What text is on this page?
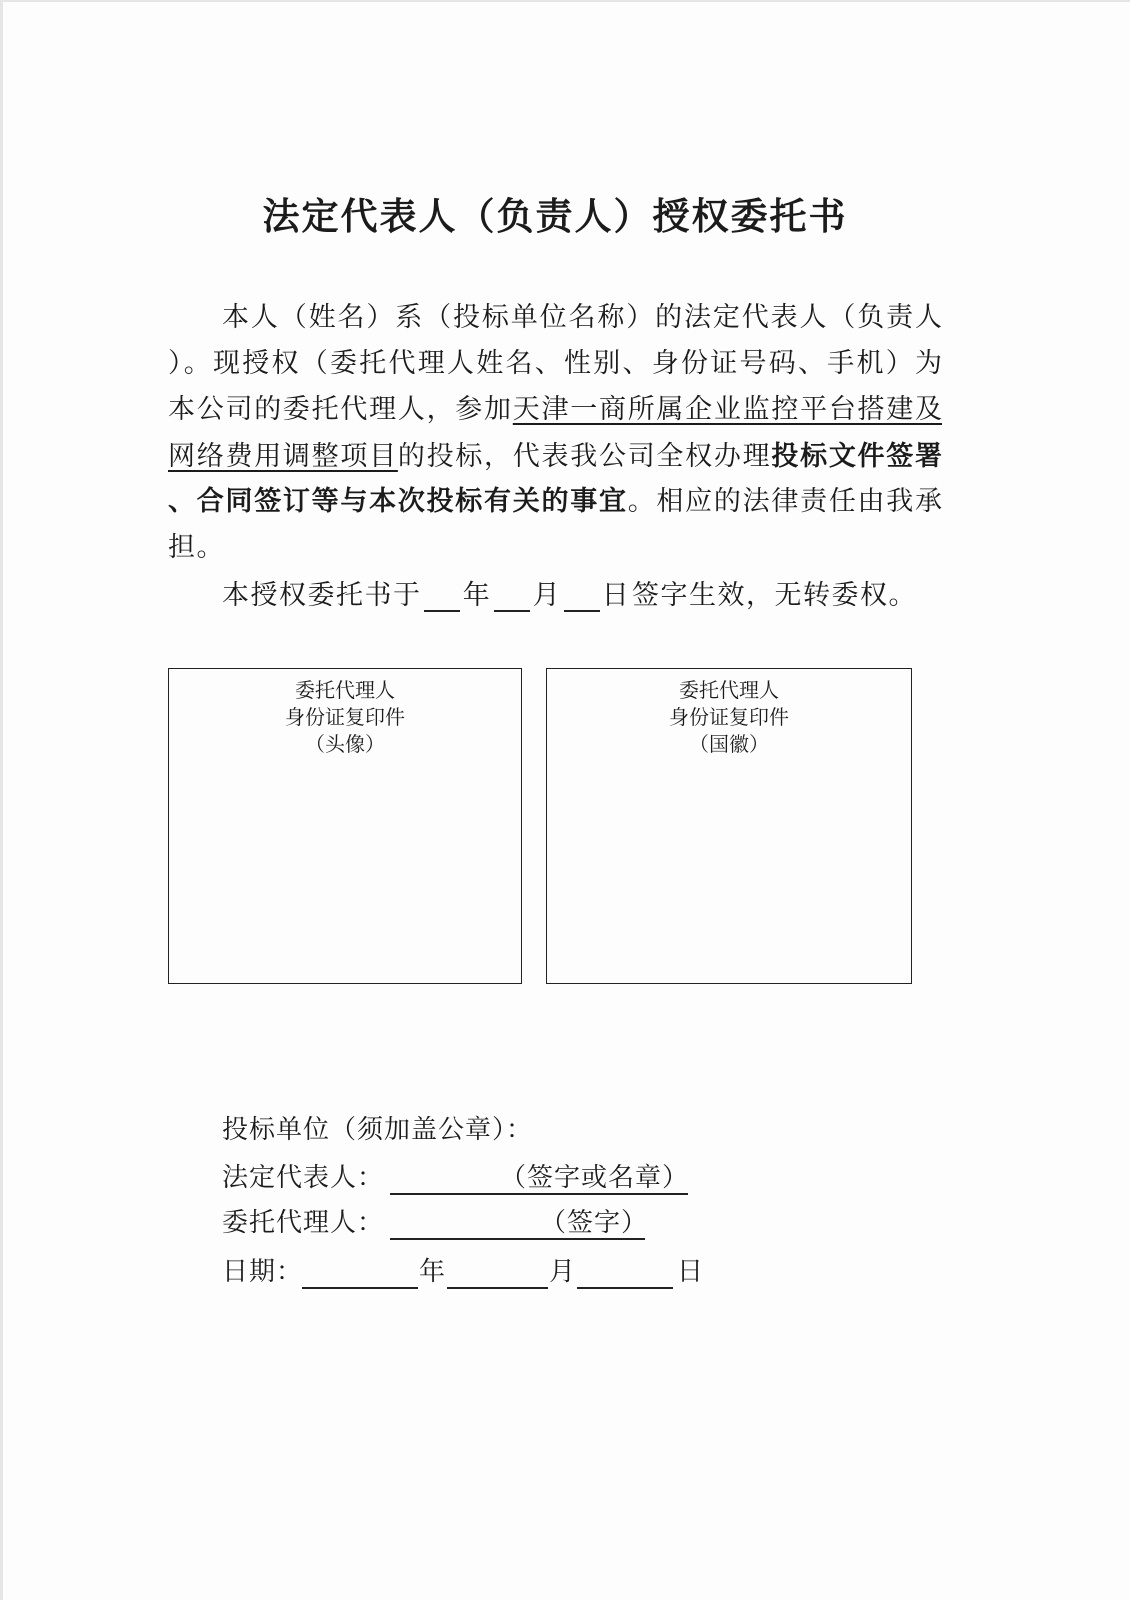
法定代表人（负责人）授权委托书
本人（姓名）系（投标单位名称）的法定代表人（负责人
）。现授权（委托代理人姓名、性别、身份证号码、手机）为
本公司的委托代理人，参加天津一商所属企业监控平台搭建及
网络费用调整项目的投标，代表我公司全权办理投标文件签署
、合同签订等与本次投标有关的事宜。相应的法律责任由我承
担。
本授权委托书于 年 月 日签字生效，无转委权。
委托代理人
身份证复印件
（头像）
委托代理人
身份证复印件
（国徽）
投标单位（须加盖公章）：
法定代表人：	（签字或名章）
委托代理人：	（签字）
日期：	年	月	日
